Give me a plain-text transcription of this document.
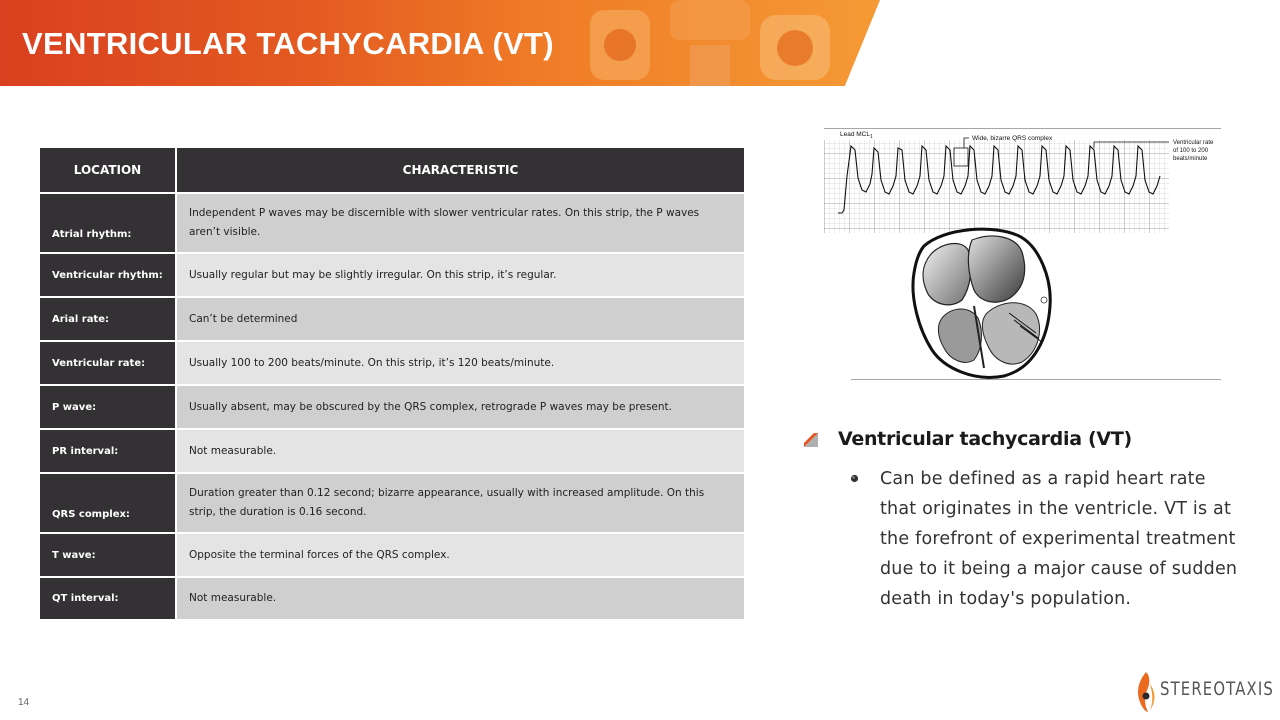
VENTRICULAR TACHYCARDIA (VT)
LOCATION	CHARACTERISTIC
Atrial rhythm:	Independent P waves may be discernible with slower ventricular rates. On this strip, the P waves aren’t visible.
Ventricular rhythm:	Usually regular but may be slightly irregular. On this strip, it’s regular.
Arial rate:	Can’t be determined
Ventricular rate:	Usually 100 to 200 beats/minute. On this strip, it’s 120 beats/minute.
P wave:	Usually absent, may be obscured by the QRS complex, retrograde P waves may be present.
PR interval:	Not measurable.
QRS complex:	Duration greater than 0.12 second; bizarre appearance, usually with increased amplitude. On this strip, the duration is 0.16 second.
T wave:	Opposite the terminal forces of the QRS complex.
QT interval:	Not measurable.
Lead $MCL_1$	Wide, bizarre QRS complex
Ventricular rate
of 100 to 200
beats/minute
Ventricular tachycardia (VT)
Can be defined as a rapid heart rate that originates in the ventricle. VT is at the forefront of experimental treatment due to it being a major cause of sudden death in today's population.
14
STEREOTAXIS
